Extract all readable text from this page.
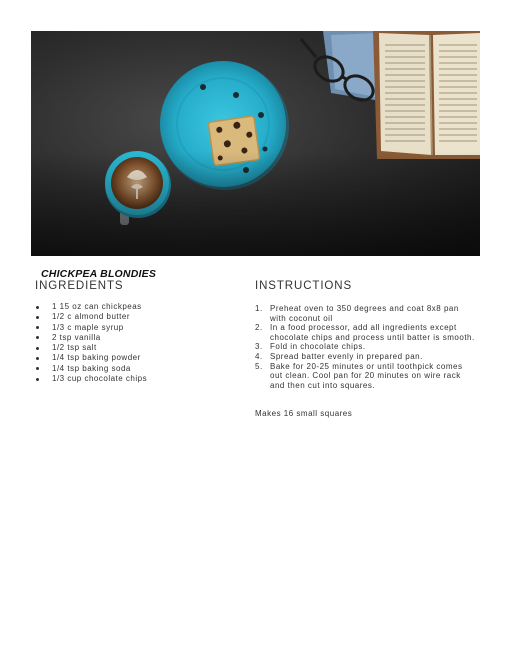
CHICKPEA BLONDIES
INGREDIENTS	INSTRUCTIONS
1 15 oz can chickpeas
1/2 c almond butter
1/3 c maple syrup
2 tsp vanilla
1/2 tsp salt
1/4 tsp baking powder
1/4 tsp baking soda
1/3 cup chocolate chips
1. Preheat oven to 350 degrees and coat 8x8 pan with coconut oil
2. In a food processor, add all ingredients except chocolate chips and process until batter is smooth.
3. Fold in chocolate chips.
4. Spread batter evenly in prepared pan.
5. Bake for 20-25 minutes or until toothpick comes out clean. Cool pan for 20 minutes on wire rack and then cut into squares.
Makes 16 small squares
